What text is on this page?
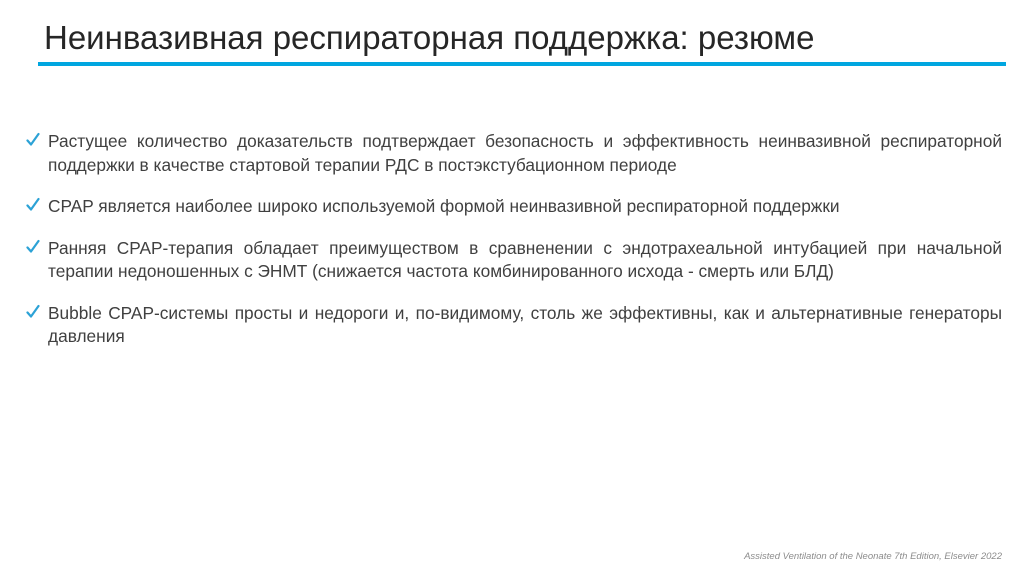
Неинвазивная респираторная поддержка: резюме
Растущее количество доказательств подтверждает безопасность и эффективность неинвазивной респираторной поддержки в качестве стартовой терапии РДС в постэкстубационном периоде
CPAP является наиболее широко используемой формой неинвазивной респираторной поддержки
Ранняя CPAP-терапия обладает преимуществом в сравненении с эндотрахеальной интубацией при начальной терапии недоношенных с ЭНМТ (снижается частота комбинированного исхода - смерть или БЛД)
Bubble CPAP-системы просты и недороги и, по-видимому, столь же эффективны, как и альтернативные генераторы давления
Assisted Ventilation of the Neonate 7th Edition, Elsevier 2022
